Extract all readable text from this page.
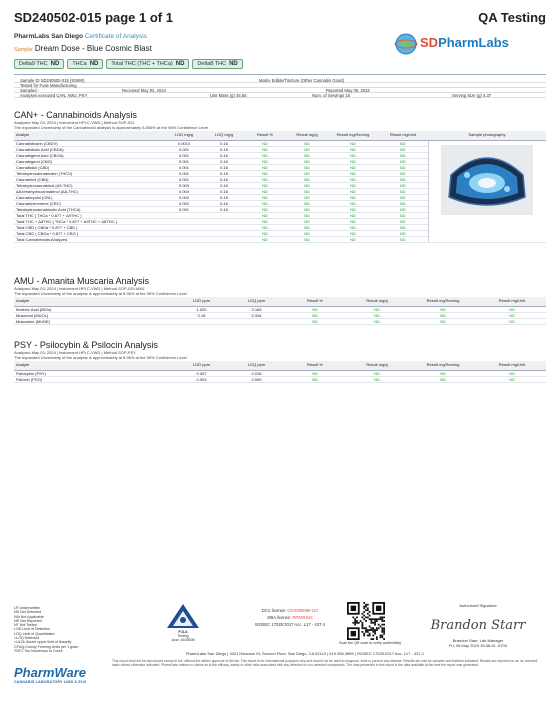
SD240502-015 page 1 of 1	QA Testing
PharmLabs San Diego Certificate of Analysis
Sample Dream Dose - Blue Cosmic Blast	SDPharmLabs
Delta9 THC ND	THCa ND	Total THC (THC + THCa) ND	Delta8 THC ND
Sample ID SD240502-015 (91990)	Matrix Edible/Tincture (Other Cannabis Good)
Tested for Fuse Manufacturing
Sampled -	Received May 02, 2024	Reported May 05, 2024
Analyses executed CAN, AMU, PSY	Unit Mass (g) 45.55	Num. of Servings 15	Serving Size (g) 4.37
CAN+ - Cannabinoids Analysis
Analyzed May 03, 2024 | Instrument HPLC-VWD | Method SOP-001
The expanded Uncertainty of the Cannabinoid analysis is approximately 8.806% at the 95% Confidence Level
Analyte	LOD mg/g	LOQ mg/g	Result %	Result mg/g	Result mg/Serving	Result mg/Unit	Sample photography
Cannabidivarin (CBDV)	0.0010	0.16	ND	ND	ND	ND	
Cannabidiolic Acid (CBDA)	0.001	0.16	ND	ND	ND	ND	
Cannabigerol Acid (CBGA)	0.001	0.16	ND	ND	ND	ND	
Cannabigerol (CBG)	0.001	0.16	ND	ND	ND	ND	
Cannabidiol (CBD)	0.001	0.16	ND	ND	ND	ND	
Tetrahydrocannabivarin (THCV)	0.001	0.16	ND	ND	ND	ND	
Cannabinol (CBN)	0.001	0.16	ND	ND	ND	ND	
Tetrahydrocannabinol (Δ9-THC)	0.003	0.16	ND	ND	ND	ND	
Δ8-tetrahydrocannabinol (Δ8-THC)	0.004	0.16	ND	ND	ND	ND	
Cannabicyclol (CBL)	0.002	0.16	ND	ND	ND	ND	
Cannabichromene (CBC)	0.002	0.16	ND	ND	ND	ND	
Tetrahydrocannabinolic Acid (THCA)	0.001	0.16	ND	ND	ND	ND	
Total THC ( THCa * 0.877 + Δ9THC )			ND	ND	ND	ND	
Total THC + Δ8THC ( THCa * 0.877 + Δ9THC + Δ8THC )			ND	ND	ND	ND	
Total CBD ( CBDa * 0.877 + CBD )			ND	ND	ND	ND	
Total CBG ( CBGa * 0.877 + CBG )			ND	ND	ND	ND	
Total Cannabinoids Analyzed			ND	ND	ND	ND	
AMU - Amanita Muscaria Analysis
Analyzed May 03, 2024 | Instrument HPLC-VWD | Method SOP-039 AMU
The expanded Uncertainty of the analysis is approximately at 8.96% at the 95% Confidence Level
Analyte	LOD ppm	LOQ ppm	Result %	Result mg/g	Result mg/Serving	Result mg/Unit
Ibotenic Acid (IBOs)	1.020	3.165	ND	ND	ND	ND
Muscimol (MUOL)	0.18	0.316	ND	ND	ND	ND
Muscarine (MUNE)			ND	ND	ND	ND
PSY - Psilocybin & Psilocin Analysis
Analyzed May 03, 2024 | Instrument HPLC-VWD | Method SOP-PSY
The expanded Uncertainty of the analysis is approximately at 8.96% at the 95% Confidence Level
Analyte	LOD ppm	LOQ ppm	Result %	Result mg/g	Result mg/Serving	Result mg/Unit
Psilocybin (PSY)	0.007	0.016	ND	ND	ND	ND
Psilocin (PSO)	0.003	0.009	ND	ND	ND	ND
LR Underwritten
ND Not Detected
N/A Not Applicable
NR Not Reported
NT Not Tested
LOD Limit of Detection
LOQ Limit of Quantitation
<LOQ Detected
>ULOL Above upper limit of linearity
CFU/g Colony Forming Units per 1 gram
TNTC Too Numerous to Count
PharmWare
CANNABIS LABORATORY LIMS & ELN
PJLA
Testing
Accr. #105508
DCC license: C8-0000099-LIC
DBA license: RP06X043
ISO/IEC 17025:2017 Acc. L17 - 437-1
Scan the QR code to verify authenticity
Authorized Signature
Brandon Starr
Brandon Starr, Lab Manager
Fri, 05 May 2024 15:36:31 -0700
PharmLabs San Diego | 3421 Hancock St, Second Floor, San Diego, CA 92110 | 619.356.3899 | ISO/IEC 17025:2017 Acc. L17 - 437-1
This report shall not be reproduced except in full, without the written approval of the lab. This report is for informational purposes only and should not be used to diagnose, treat or prevent any disease. Results are only for samples and batches indicated. Results are reported on an 'as received' basis unless otherwise indicated. PharmLabs makes no claims as to the efficacy, safety or other risks associated with any detected or non-detected compounds. The data presented in this report is the data available at the time the report was generated.
